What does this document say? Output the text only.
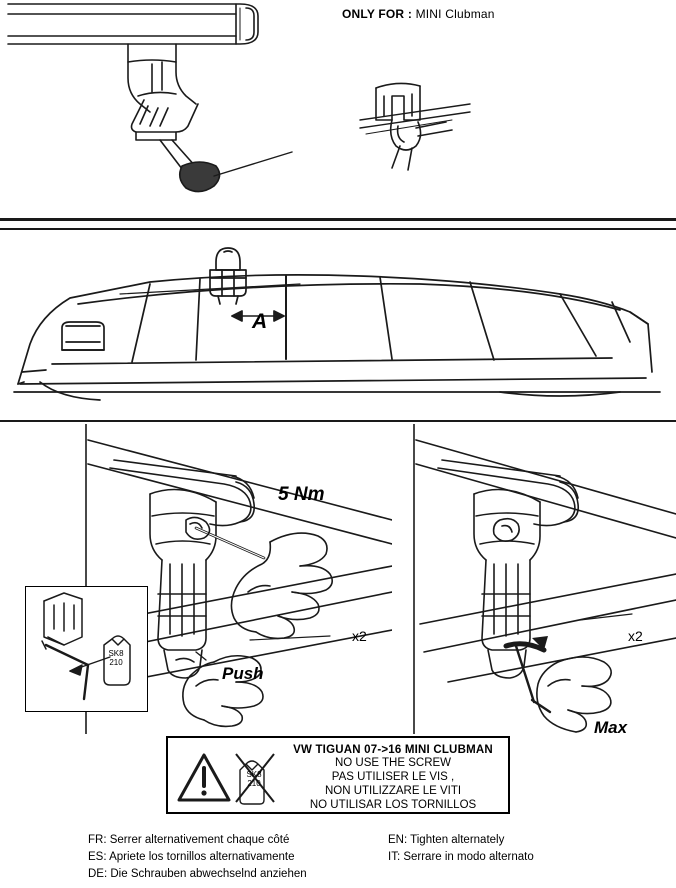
ONLY FOR : MINI Clubman
A
5 Nm
Push
x2
SK8
210
x2
Max
SK8
210
VW TIGUAN 07->16 MINI CLUBMAN
NO USE THE SCREW
PAS UTILISER LE VIS ,
NON UTILIZZARE LE VITI
NO UTILISAR LOS TORNILLOS
FR: Serrer alternativement chaque côté
ES: Apriete los tornillos alternativamente
DE: Die Schrauben abwechselnd anziehen
EN: Tighten alternately
IT: Serrare in modo alternato
